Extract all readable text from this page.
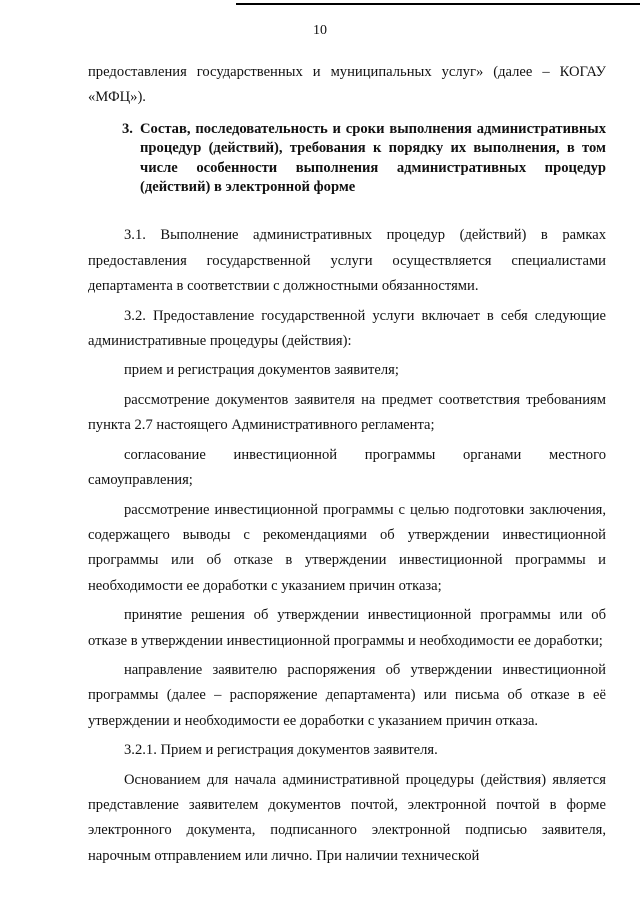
10

предоставления государственных и муниципальных услуг» (далее – КОГАУ «МФЦ»).

3. Состав, последовательность и сроки выполнения административных процедур (действий), требования к порядку их выполнения, в том числе особенности выполнения административных процедур (действий) в электронной форме

3.1. Выполнение административных процедур (действий) в рамках предоставления государственной услуги осуществляется специалистами департамента в соответствии с должностными обязанностями.

3.2. Предоставление государственной услуги включает в себя следующие административные процедуры (действия):

прием и регистрация документов заявителя;

рассмотрение документов заявителя на предмет соответствия требованиям пункта 2.7 настоящего Административного регламента;

согласование инвестиционной программы органами местного самоуправления;

рассмотрение инвестиционной программы с целью подготовки заключения, содержащего выводы с рекомендациями об утверждении инвестиционной программы или об отказе в утверждении инвестиционной программы и необходимости ее доработки с указанием причин отказа;

принятие решения об утверждении инвестиционной программы или об отказе в утверждении инвестиционной программы и необходимости ее доработки;

направление заявителю распоряжения об утверждении инвестиционной программы (далее – распоряжение департамента) или письма об отказе в её утверждении и необходимости ее доработки с указанием причин отказа.

3.2.1. Прием и регистрация документов заявителя.

Основанием для начала административной процедуры (действия) является представление заявителем документов почтой, электронной почтой в форме электронного документа, подписанного электронной подписью заявителя, нарочным отправлением или лично. При наличии технической
